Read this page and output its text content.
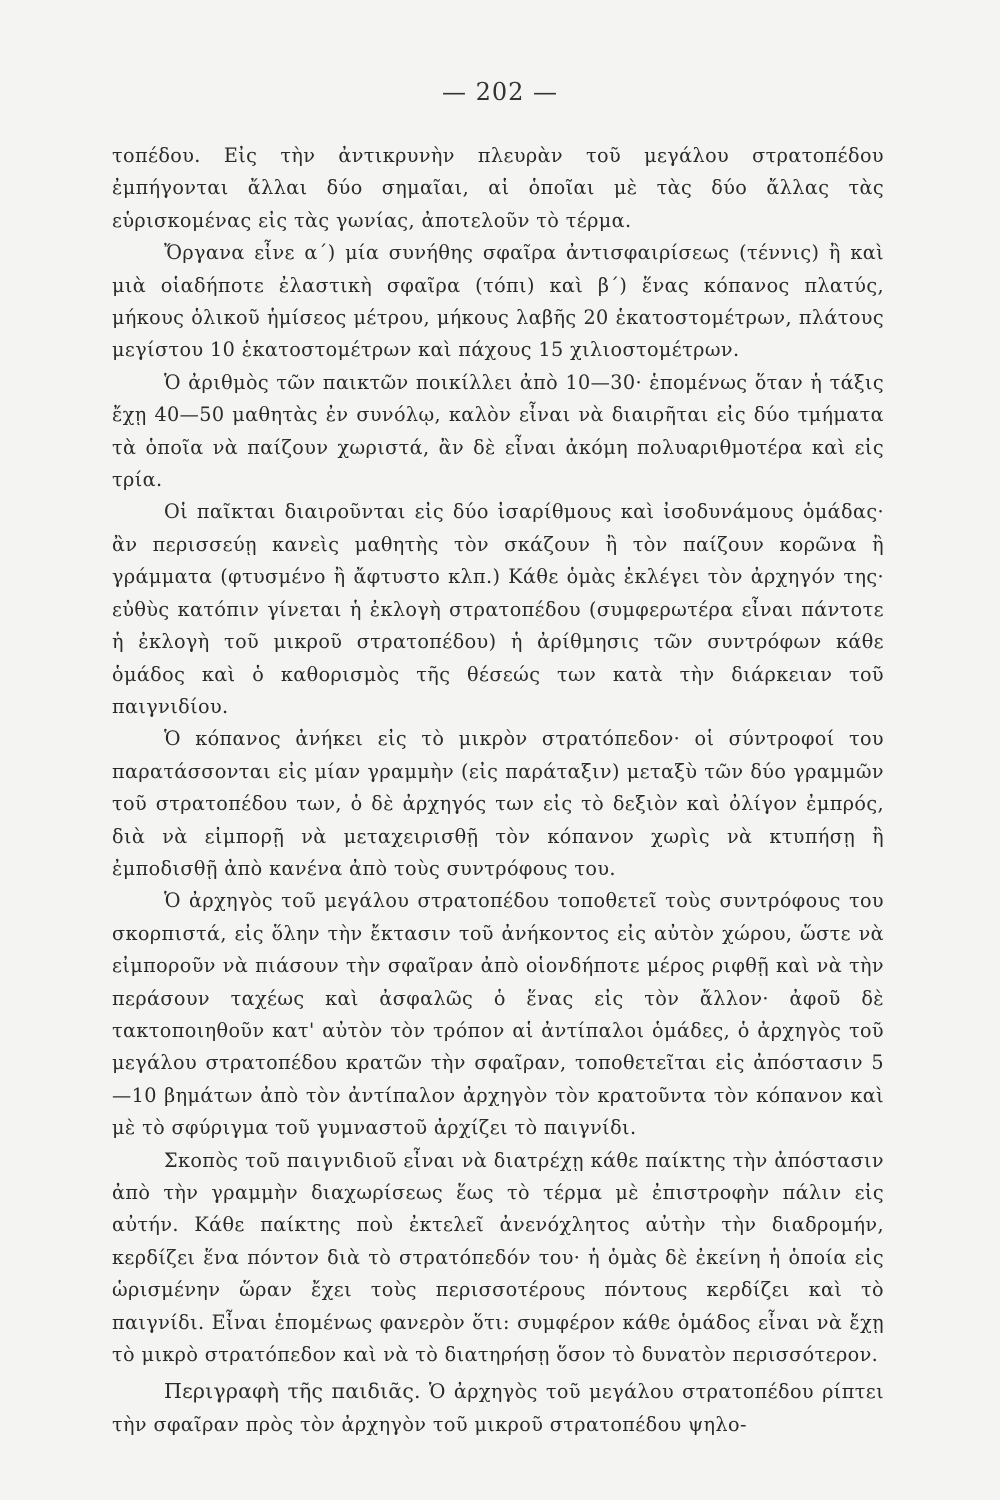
— 202 —

τοπέδου. Εἰς τὴν ἀντικρυνὴν πλευρὰν τοῦ μεγάλου στρατοπέδου ἐμπήγονται ἄλλαι δύο σημαῖαι, αἱ ὁποῖαι μὲ τὰς δύο ἄλλας τὰς εὑρισκομένας εἰς τὰς γωνίας, ἀποτελοῦν τὸ τέρμα.

Ὄργανα εἶνε α΄) μία συνήθης σφαῖρα ἀντισφαιρίσεως (τέννις) ἢ καὶ μιὰ οἱαδήποτε ἐλαστικὴ σφαῖρα (τόπι) καὶ β΄) ἕνας κόπανος πλατύς, μήκους ὁλικοῦ ἡμίσεος μέτρου, μήκους λαβῆς 20 ἑκατοστομέτρων, πλάτους μεγίστου 10 ἑκατοστομέτρων καὶ πάχους 15 χιλιοστομέτρων.

Ὁ ἀριθμὸς τῶν παικτῶν ποικίλλει ἀπὸ 10—30· ἑπομένως ὅταν ἡ τάξις ἔχῃ 40—50 μαθητὰς ἐν συνόλῳ, καλὸν εἶναι νὰ διαιρῆται εἰς δύο τμήματα τὰ ὁποῖα νὰ παίζουν χωριστά, ἂν δὲ εἶναι ἀκόμη πολυαριθμοτέρα καὶ εἰς τρία.

Οἱ παῖκται διαιροῦνται εἰς δύο ἰσαρίθμους καὶ ἰσοδυνάμους ὁμάδας· ἂν περισσεύῃ κανεὶς μαθητὴς τὸν σκάζουν ἢ τὸν παίζουν κορῶνα ἢ γράμματα (φτυσμένο ἢ ἄφτυστο κλπ.) Κάθε ὁμὰς ἐκλέγει τὸν ἀρχηγόν της· εὐθὺς κατόπιν γίνεται ἡ ἐκλογὴ στρατοπέδου (συμφερωτέρα εἶναι πάντοτε ἡ ἐκλογὴ τοῦ μικροῦ στρατοπέδου) ἡ ἀρίθμησις τῶν συντρόφων κάθε ὁμάδος καὶ ὁ καθορισμὸς τῆς θέσεώς των κατὰ τὴν διάρκειαν τοῦ παιγνιδίου.

Ὁ κόπανος ἀνήκει εἰς τὸ μικρὸν στρατόπεδον· οἱ σύντροφοί του παρατάσσονται εἰς μίαν γραμμὴν (εἰς παράταξιν) μεταξὺ τῶν δύο γραμμῶν τοῦ στρατοπέδου των, ὁ δὲ ἀρχηγός των εἰς τὸ δεξιὸν καὶ ὀλίγον ἐμπρός, διὰ νὰ εἰμπορῇ νὰ μεταχειρισθῇ τὸν κόπανον χωρὶς νὰ κτυπήσῃ ἢ ἐμποδισθῇ ἀπὸ κανένα ἀπὸ τοὺς συντρόφους του.

Ὁ ἀρχηγὸς τοῦ μεγάλου στρατοπέδου τοποθετεῖ τοὺς συντρόφους του σκορπιστά, εἰς ὅλην τὴν ἔκτασιν τοῦ ἀνήκοντος εἰς αὐτὸν χώρου, ὥστε νὰ εἰμποροῦν νὰ πιάσουν τὴν σφαῖραν ἀπὸ οἱονδήποτε μέρος ριφθῇ καὶ νὰ τὴν περάσουν ταχέως καὶ ἀσφαλῶς ὁ ἕνας εἰς τὸν ἄλλον· ἀφοῦ δὲ τακτοποιηθοῦν κατ' αὐτὸν τὸν τρόπον αἱ ἀντίπαλοι ὁμάδες, ὁ ἀρχηγὸς τοῦ μεγάλου στρατοπέδου κρατῶν τὴν σφαῖραν, τοποθετεῖται εἰς ἀπόστασιν 5—10 βημάτων ἀπὸ τὸν ἀντίπαλον ἀρχηγὸν τὸν κρατοῦντα τὸν κόπανον καὶ μὲ τὸ σφύριγμα τοῦ γυμναστοῦ ἀρχίζει τὸ παιγνίδι.

Σκοπὸς τοῦ παιγνιδιοῦ εἶναι νὰ διατρέχῃ κάθε παίκτης τὴν ἀπόστασιν ἀπὸ τὴν γραμμὴν διαχωρίσεως ἕως τὸ τέρμα μὲ ἐπιστροφὴν πάλιν εἰς αὐτήν. Κάθε παίκτης ποὺ ἐκτελεῖ ἀνενόχλητος αὐτὴν τὴν διαδρομήν, κερδίζει ἕνα πόντον διὰ τὸ στρατόπεδόν του· ἡ ὁμὰς δὲ ἐκείνη ἡ ὁποία εἰς ὡρισμένην ὥραν ἔχει τοὺς περισσοτέρους πόντους κερδίζει καὶ τὸ παιγνίδι. Εἶναι ἑπομένως φανερὸν ὅτι: συμφέρον κάθε ὁμάδος εἶναι νὰ ἔχῃ τὸ μικρὸ στρατόπεδον καὶ νὰ τὸ διατηρήσῃ ὅσον τὸ δυνατὸν περισσότερον.

Περιγραφὴ τῆς παιδιᾶς. Ὁ ἀρχηγὸς τοῦ μεγάλου στρατοπέδου ρίπτει τὴν σφαῖραν πρὸς τὸν ἀρχηγὸν τοῦ μικροῦ στρατοπέδου ψηλο-
